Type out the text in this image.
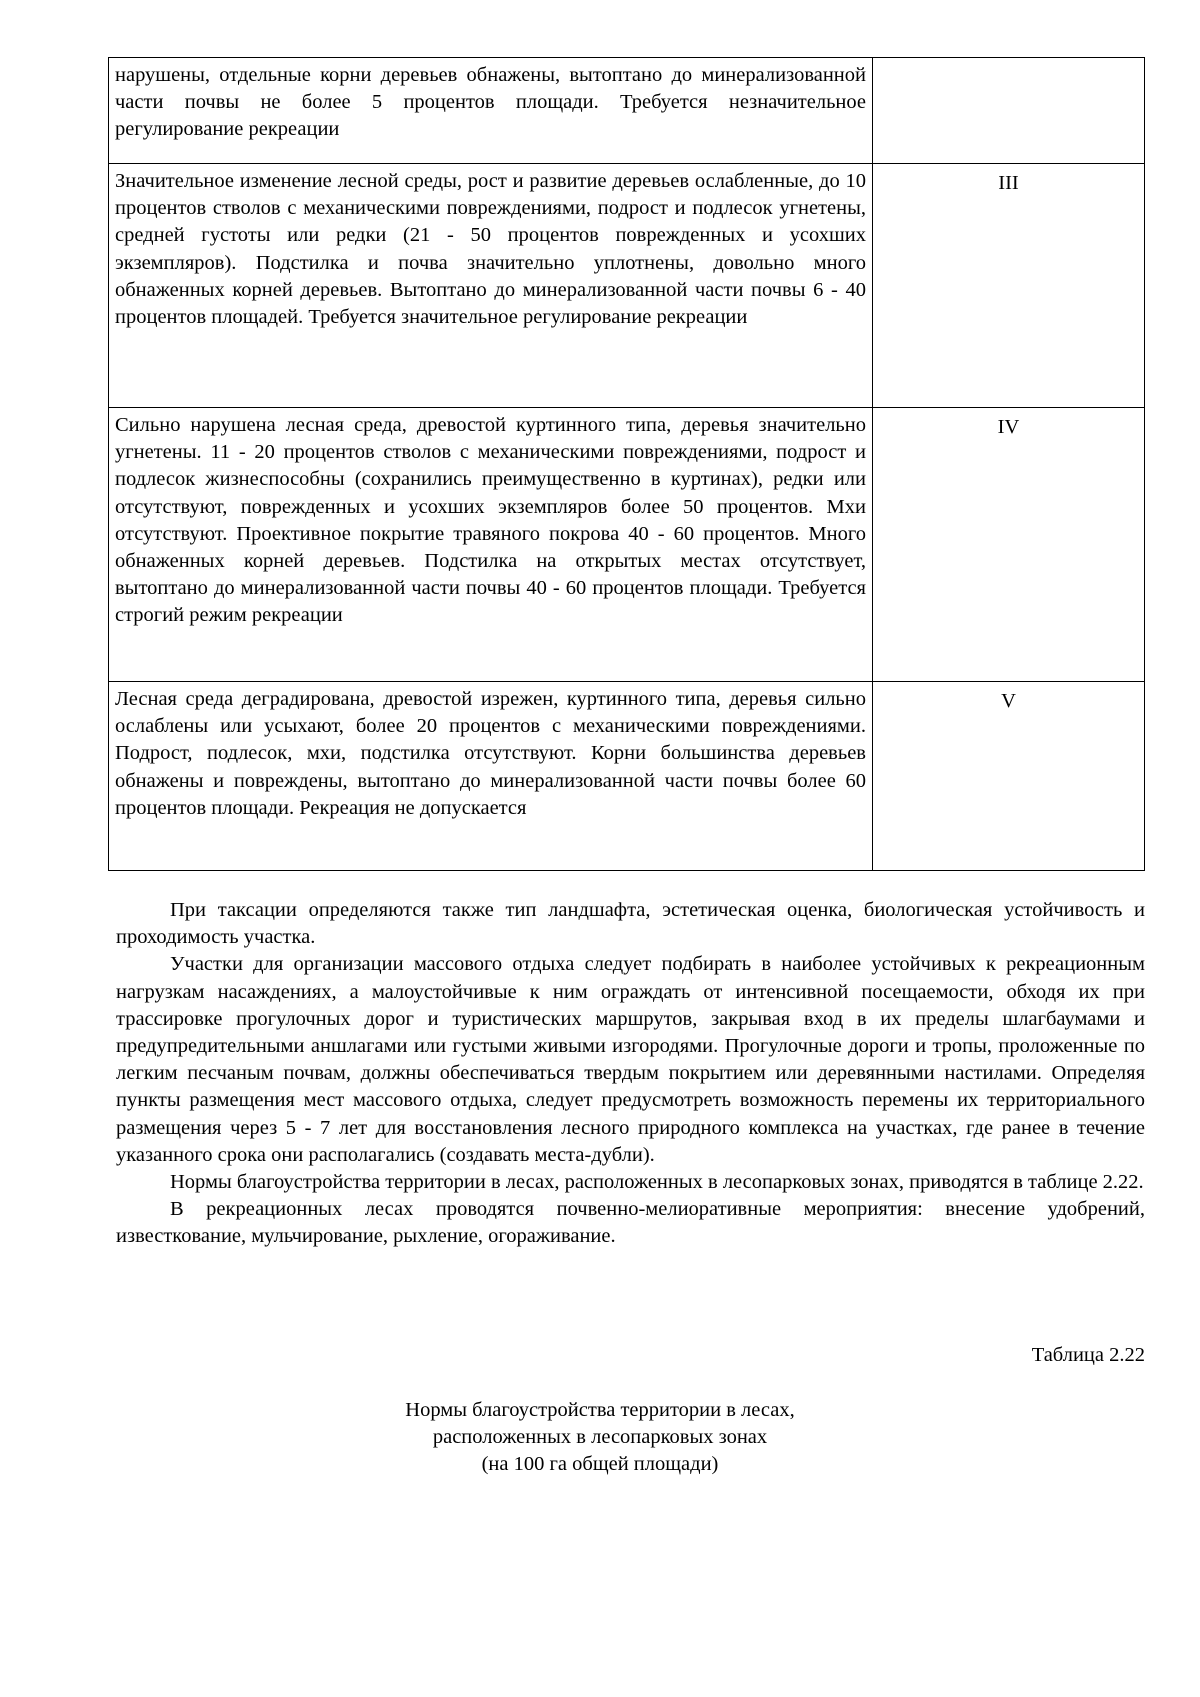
нарушены, отдельные корни деревьев обнажены, вытоптано до минерализованной части почвы не более 5 процентов площади. Требуется незначительное регулирование рекреации	
Значительное изменение лесной среды, рост и развитие деревьев ослабленные, до 10 процентов стволов с механическими повреждениями, подрост и подлесок угнетены, средней густоты или редки (21 - 50 процентов поврежденных и усохших экземпляров). Подстилка и почва значительно уплотнены, довольно много обнаженных корней деревьев. Вытоптано до минерализованной части почвы 6 - 40 процентов площадей. Требуется значительное регулирование рекреации	III
Сильно нарушена лесная среда, древостой куртинного типа, деревья значительно угнетены. 11 - 20 процентов стволов с механическими повреждениями, подрост и подлесок жизнеспособны (сохранились преимущественно в куртинах), редки или отсутствуют, поврежденных и усохших экземпляров более 50 процентов. Мхи отсутствуют. Проективное покрытие травяного покрова 40 - 60 процентов. Много обнаженных корней деревьев. Подстилка на открытых местах отсутствует, вытоптано до минерализованной части почвы 40 - 60 процентов площади. Требуется строгий режим рекреации	IV
Лесная среда деградирована, древостой изрежен, куртинного типа, деревья сильно ослаблены или усыхают, более 20 процентов с механическими повреждениями. Подрост, подлесок, мхи, подстилка отсутствуют. Корни большинства деревьев обнажены и повреждены, вытоптано до минерализованной части почвы более 60 процентов площади. Рекреация не допускается	V

При таксации определяются также тип ландшафта, эстетическая оценка, биологическая устойчивость и проходимость участка.

Участки для организации массового отдыха следует подбирать в наиболее устойчивых к рекреационным нагрузкам насаждениях, а малоустойчивые к ним ограждать от интенсивной посещаемости, обходя их при трассировке прогулочных дорог и туристических маршрутов, закрывая вход в их пределы шлагбаумами и предупредительными аншлагами или густыми живыми изгородями. Прогулочные дороги и тропы, проложенные по легким песчаным почвам, должны обеспечиваться твердым покрытием или деревянными настилами. Определяя пункты размещения мест массового отдыха, следует предусмотреть возможность перемены их территориального размещения через 5 - 7 лет для восстановления лесного природного комплекса на участках, где ранее в течение указанного срока они располагались (создавать места-дубли).

Нормы благоустройства территории в лесах, расположенных в лесопарковых зонах, приводятся в таблице 2.22.

В рекреационных лесах проводятся почвенно-мелиоративные мероприятия: внесение удобрений, известкование, мульчирование, рыхление, огораживание.

Таблица 2.22
Нормы благоустройства территории в лесах,
расположенных в лесопарковых зонах
(на 100 га общей площади)
